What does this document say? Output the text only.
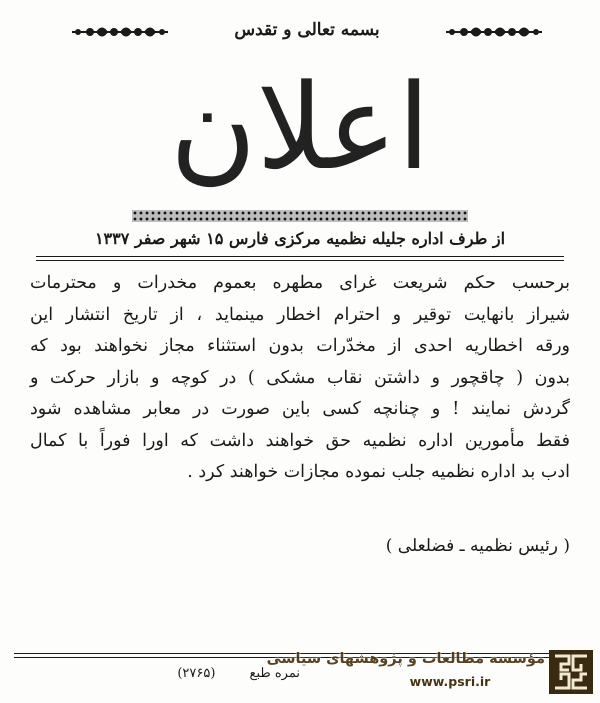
بسمه تعالی و تقدس
اعلان
از طرف اداره جلیله نظمیه مرکزی فارس ۱۵ شهر صفر ۱۳۳۷
برحسب حکم شریعت غرای مطهره بعموم مخدرات و محترمات
شیراز بانهایت توقیر و احترام اخطار مینماید ، از تاریخ انتشار این
ورقه اخطاریه احدی از مخدّرات بدون استثناء مجاز نخواهند بود که
بدون ( چاقچور و داشتن نقاب مشکی ) در کوچه و بازار حرکت و
گردش نمایند ! و چنانچه کسی باین صورت در معابر مشاهده شود
فقط مأمورین اداره نظمیه حق خواهند داشت که اورا فوراً با کمال
ادب بد اداره نظمیه جلب نموده مجازات خواهند کرد .
( رئیس نظمیه ـ فضلعلی )
نمره طبع (۲۷۶۵)
مؤسسه مطالعات و پژوهشهای سیاسی
www.psri.ir
